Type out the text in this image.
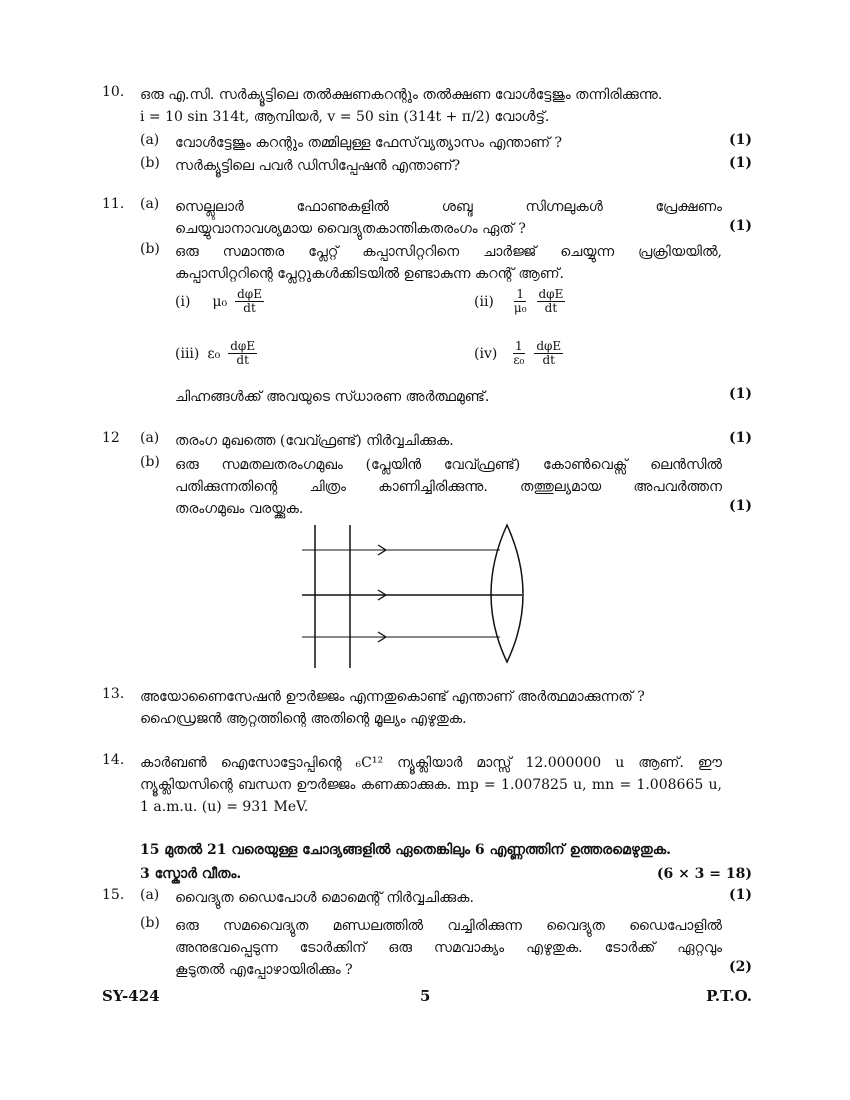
10. ഒരു എ.സി. സർക്യൂട്ടിലെ തൽക്ഷണകറന്റും തൽക്ഷണ വോൾട്ടേജും തന്നിരിക്കുന്നു.
i = 10 sin 314t, ആമ്പിയർ, v = 50 sin (314t + π/2) വോൾട്ട്.
(a) വോൾട്ടേജും കറന്റും തമ്മിലുള്ള ഫേസ്‌വ്യത്യാസം എന്താണ് ?	(1)
(b) സർക്യൂട്ടിലെ പവർ ഡിസിപ്പേഷൻ എന്താണ്?	(1)
11. (a) സെല്ലുലാർ ഫോണുകളിൽ ശബ്ദ സിഗ്നലുകൾ പ്രേക്ഷണം
ചെയ്യുവാനാവശ്യമായ വൈദ്യുതകാന്തികതരംഗം ഏത് ?	(1)
(b) ഒരു സമാന്തര പ്ലേറ്റ് കപ്പാസിറ്ററിനെ ചാർജ്ജ് ചെയ്യുന്ന പ്രക്രിയയിൽ,
കപ്പാസിറ്ററിന്റെ പ്ലേറ്റുകൾക്കിടയിൽ ഉണ്ടാകുന്ന കറന്റ് ആണ്.
(i) $\mu_0 \frac{\text{dφE}}{dt}$	$(ii) \frac{1}{\text{μ₀}} \frac{\text{dφE}}{dt}$
(iii) $\varepsilon_0 \frac{\text{dφE}}{dt}$	$(iv) \frac{1}{\text{ε₀}} \frac{\text{dφE}}{dt}$
ചിഹ്നങ്ങൾക്ക് അവയുടെ സ്ധാരണ അർത്ഥമുണ്ട്.	(1)
12 (a) തരംഗ മുഖത്തെ (വേവ്ഫ്രണ്ട്) നിർവ്വചിക്കുക.	(1)
(b) ഒരു സമതലതരംഗമുഖം (പ്ലേയിൻ വേവ്ഫ്രണ്ട്) കോൺവെക്സ് ലെൻസിൽ
പതിക്കുന്നതിന്റെ ചിത്രം കാണിച്ചിരിക്കുന്നു. തത്തുല്യമായ അപവർത്തന
തരംഗമുഖം വരയ്ക്കുക.	(1)
13. അയോണൈസേഷൻ ഊർജ്ജം എന്നതുകൊണ്ട് എന്താണ് അർത്ഥമാക്കുന്നത് ?
ഹൈഡ്രജൻ ആറ്റത്തിന്റെ അതിന്റെ മൂല്യം എഴുതുക.
14. കാർബൺ ഐസോട്ടോപ്പിന്റെ ₆C¹² ന്യൂക്ലിയാർ മാസ്സ് 12.000000 u ആണ്. ഈ
ന്യൂക്ലിയസിന്റെ ബന്ധന ഊർജ്ജം കണക്കാക്കുക. mp = 1.007825 u, mn = 1.008665 u,
1 a.m.u. (u) = 931 MeV.
15 മുതൽ 21 വരെയുള്ള ചോദ്യങ്ങളിൽ ഏതെങ്കിലും 6 എണ്ണത്തിന് ഉത്തരമെഴുതുക.
3 സ്കോർ വീതം.	(6 × 3 = 18)
15. (a) വൈദ്യുത ഡൈപോൾ മൊമെന്റ് നിർവ്വചിക്കുക.	(1)
(b) ഒരു സമവൈദ്യുത മണ്ഡലത്തിൽ വച്ചിരിക്കുന്ന വൈദ്യുത ഡൈപോളിൽ
അനുഭവപ്പെടുന്ന ടോർക്കിന് ഒരു സമവാക്യം എഴുതുക. ടോർക്ക് ഏറ്റവും
കൂടുതൽ എപ്പോഴായിരിക്കും ?	(2)
SY-424	5	P.T.O.
